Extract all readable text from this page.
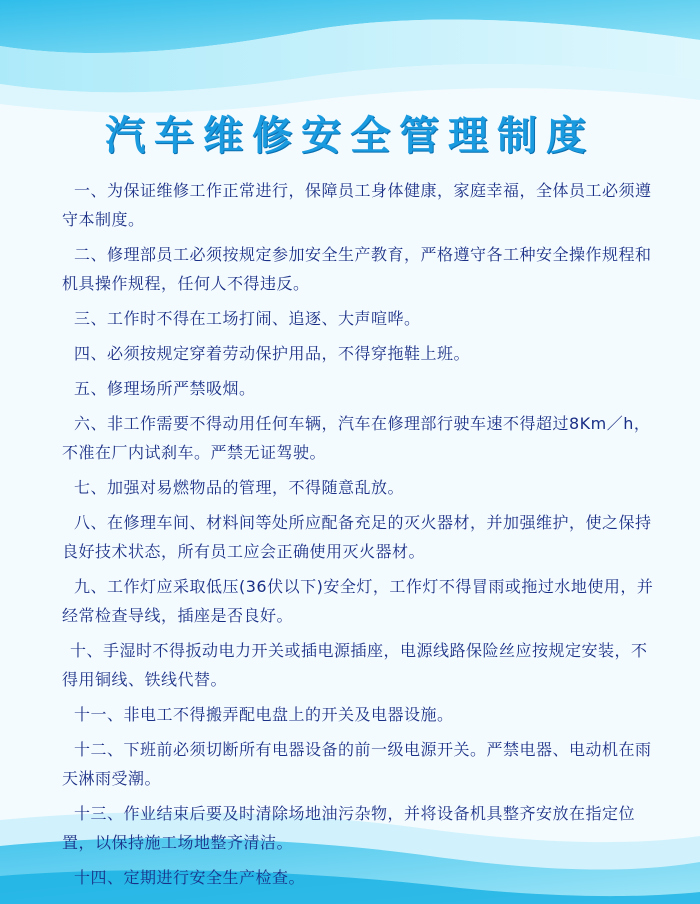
汽车维修安全管理制度
一、为保证维修工作正常进行，保障员工身体健康，家庭幸福，全体员工必须遵守本制度。
二、修理部员工必须按规定参加安全生产教育，严格遵守各工种安全操作规程和机具操作规程，任何人不得违反。
三、工作时不得在工场打闹、追逐、大声喧哗。
四、必须按规定穿着劳动保护用品，不得穿拖鞋上班。
五、修理场所严禁吸烟。
六、非工作需要不得动用任何车辆，汽车在修理部行驶车速不得超过8Km／h，不准在厂内试刹车。严禁无证驾驶。
七、加强对易燃物品的管理，不得随意乱放。
八、在修理车间、材料间等处所应配备充足的灭火器材，并加强维护，使之保持良好技术状态，所有员工应会正确使用灭火器材。
九、工作灯应采取低压(36伏以下)安全灯，工作灯不得冒雨或拖过水地使用，并经常检查导线，插座是否良好。
十、手湿时不得扳动电力开关或插电源插座，电源线路保险丝应按规定安装，不得用铜线、铁线代替。
十一、非电工不得搬弄配电盘上的开关及电器设施。
十二、下班前必须切断所有电器设备的前一级电源开关。严禁电器、电动机在雨天淋雨受潮。
十三、作业结束后要及时清除场地油污杂物，并将设备机具整齐安放在指定位置，以保持施工场地整齐清洁。
十四、定期进行安全生产检查。
